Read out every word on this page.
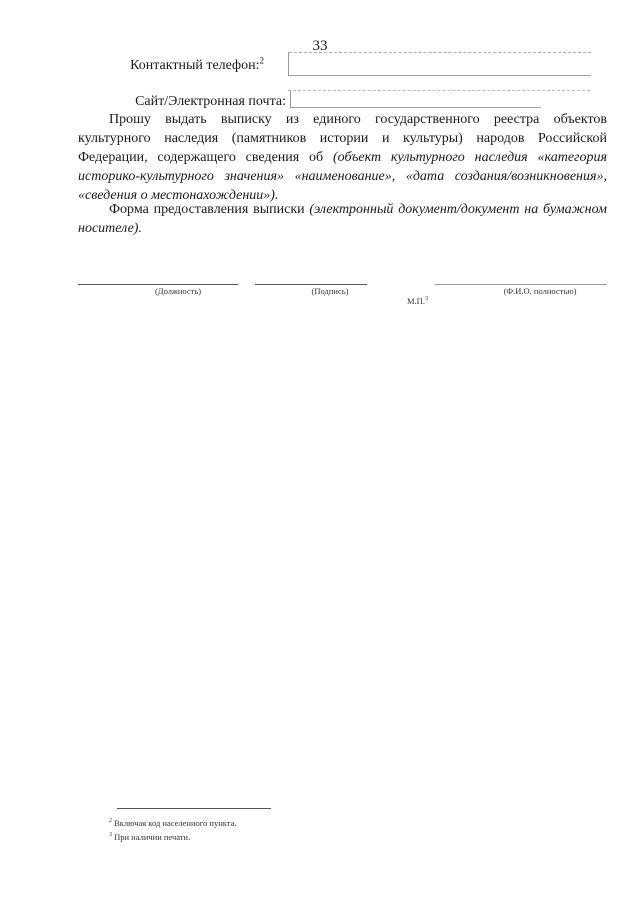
33
Контактный телефон:$^2$
Сайт/Электронная почта:

Прошу выдать выписку из единого государственного реестра объектов культурного наследия (памятников истории и культуры) народов Российской Федерации, содержащего сведения об (объект культурного наследия «категория историко-культурного значения» «наименование», «дата создания/возникновения», «сведения о местонахождении»).

Форма предоставления выписки (электронный документ/документ на бумажном носителе).

(Должность)	(Подпись)	(Ф.И.О. полностью)
М.П.$^3$
$^2$ Включая код населенного пункта.
$^3$ При наличии печати.
